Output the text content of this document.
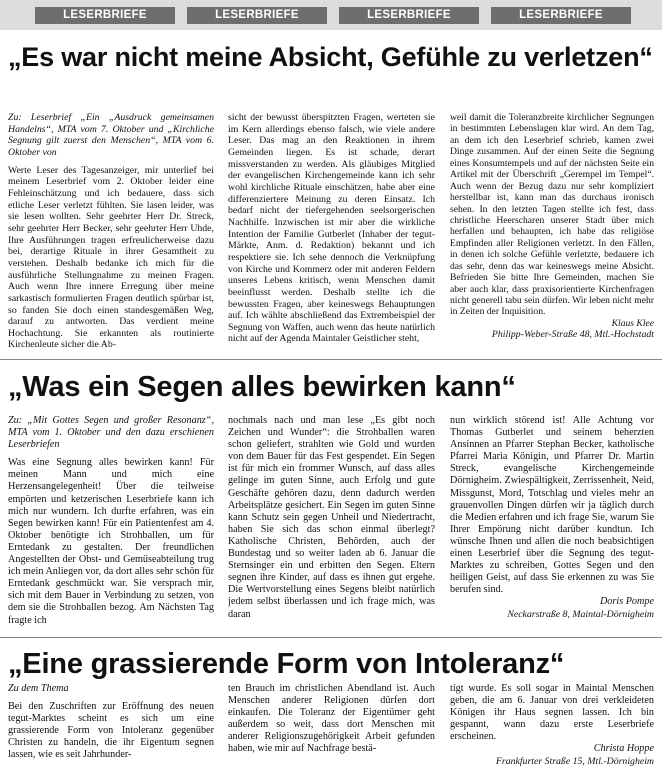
LESERBRIEFE	LESERBRIEFE	LESERBRIEFE	LESERBRIEFE
„Es war nicht meine Absicht, Gefühle zu verletzen“

Zu: Leserbrief „Ein „Ausdruck gemeinsamen Handelns“, MTA vom 7. Oktober und „Kirchliche Segnung gilt zuerst den Menschen“, MTA vom 6. Oktober von

Werte Leser des Tagesanzeiger, mir unterlief bei meinem Leserbrief vom 2. Oktober leider eine Fehleinschätzung und ich bedauere, dass sich etliche Leser verletzt fühlten. Sie lasen leider, was sie lesen wollten. Sehr geehrter Herr Dr. Streck, sehr geehrter Herr Becker, sehr geehrter Herr Uhde, Ihre Ausführungen tragen erfreulicherweise dazu bei, derartige Rituale in ihrer Gesamtheit zu verstehen. Deshalb bedanke ich mich für die ausführliche Stellungnahme zu meinen Fragen. Auch wenn Ihre innere Erregung über meine sarkastisch formulierten Fragen deutlich spürbar ist, so fanden Sie doch einen standesgemäßen Weg, darauf zu antworten. Das verdient meine Hochachtung. Sie erkannten als routinierte Kirchenleute sicher die Ab-

sicht der bewusst überspitzten Fragen, werteten sie im Kern allerdings ebenso falsch, wie viele andere Leser. Das mag an den Reaktionen in ihrem Gemeinden liegen. Es ist schade, derart missverstanden zu werden. Als gläubiges Mitglied der evangelischen Kirchengemeinde kann ich sehr wohl kirchliche Rituale einschätzen, habe aber eine differenziertere Meinung zu deren Einsatz. Ich bedarf nicht der tiefergehenden seelsorgerischen Nachhilfe. Inzwischen ist mir aber die wirkliche Intention der Familie Gutberlet (Inhaber der tegut-Märkte, Anm. d. Redaktion) bekannt und ich respektiere sie. Ich sehe dennoch die Verknüpfung von Kirche und Kommerz oder mit anderen Feldern unseres Lebens kritisch, wenn Menschen damit beeinflusst werden. Deshalb stellte ich die bewussten Fragen, aber keineswegs Behauptungen auf. Ich wählte abschließend das Extrembeispiel der Segnung von Waffen, auch wenn das heute natürlich nicht auf der Agenda Maintaler Geistlicher steht,

weil damit die Toleranzbreite kirchlicher Segnungen in bestimmten Lebenslagen klar wird. An dem Tag, an dem ich den Leserbrief schrieb, kamen zwei Dinge zusammen. Auf der einen Seite die Segnung eines Konsumtempels und auf der nächsten Seite ein Artikel mit der Überschrift „Gerempel im Tempel“. Auch wenn der Bezug dazu nur sehr kompliziert herstellbar ist, kann man das durchaus ironisch sehen. In den letzten Tagen stellte ich fest, dass christliche Heerscharen unserer Stadt über mich herfallen und behaupten, ich habe das religiöse Empfinden aller Religionen verletzt. In den Fällen, in denen ich solche Gefühle verletzte, bedauere ich das sehr, denn das war keineswegs meine Absicht. Befrieden Sie bitte Ihre Gemeinden, machen Sie aber auch klar, dass praxisorientierte Kirchenfragen nicht generell tabu sein dürfen. Wir leben nicht mehr in Zeiten der Inquisition.

Klaus Klee

Philipp-Weber-Straße 48, Mtl.-Hochstadt

„Was ein Segen alles bewirken kann“

Zu: „Mit Gottes Segen und großer Resonanz“, MTA vom 1. Oktober und den dazu erschienen Leserbriefen

Was eine Segnung alles bewirken kann! Für meinen Mann und mich eine Herzensangelegenheit! Über die teilweise empörten und ketzerischen Leserbriefe kann ich mich nur wundern. Ich durfte erfahren, was ein Segen bewirken kann! Für ein Patientenfest am 4. Oktober benötigte ich Strohballen, um für Erntedank zu gestalten. Der freundlichen Angestellten der Obst- und Gemüseabteilung trug ich mein Anliegen vor, da dort alles sehr schön für Erntedank geschmückt war. Sie versprach mir, sich mit dem Bauer in Verbindung zu setzen, von dem sie die Strohballen bezog. Am Nächsten Tag fragte ich

nochmals nach und man lese „Es gibt noch Zeichen und Wunder“: die Strohballen waren schon geliefert, strahlten wie Gold und wurden von dem Bauer für das Fest gespendet. Ein Segen ist für mich ein frommer Wunsch, auf dass alles gelinge im guten Sinne, auch Erfolg und gute Geschäfte gehören dazu, denn dadurch werden Arbeitsplätze gesichert. Ein Segen im guten Sinne kann Schutz sein gegen Unheil und Niedertracht, haben Sie sich das schon einmal überlegt? Katholische Christen, Behörden, auch der Bundestag und so weiter laden ab 6. Januar die Sternsinger ein und erbitten den Segen. Eltern segnen ihre Kinder, auf dass es ihnen gut ergehe. Die Wertvorstellung eines Segens bleibt natürlich jedem selbst überlassen und ich frage mich, was daran

nun wirklich störend ist! Alle Achtung vor Thomas Gutberlet und seinem beherzten Ansinnen an Pfarrer Stephan Becker, katholische Pfarrei Maria Königin, und Pfarrer Dr. Martin Streck, evangelische Kirchengemeinde Dörnigheim. Zwiespältigkeit, Zerrissenheit, Neid, Missgunst, Mord, Totschlag und vieles mehr an grauenvollen Dingen dürfen wir ja täglich durch die Medien erfahren und ich frage Sie, warum Sie Ihrer Empörung nicht darüber kundtun. Ich wünsche Ihnen und allen die noch beabsichtigen einen Leserbrief über die Segnung des tegut-Marktes zu schreiben, Gottes Segen und den heiligen Geist, auf dass Sie erkennen zu was Sie berufen sind.

Doris Pompe

Neckarstraße 8, Maintal-Dörnigheim

„Eine grassierende Form von Intoleranz“

Zu dem Thema

Bei den Zuschriften zur Eröffnung des neuen tegut-Marktes scheint es sich um eine grassierende Form von Intoleranz gegenüber Christen zu handeln, die ihr Eigentum segnen lassen, wie es seit Jahrhunder-

ten Brauch im christlichen Abendland ist. Auch Menschen anderer Religionen dürfen dort einkaufen. Die Toleranz der Eigentümer geht außerdem so weit, dass dort Menschen mit anderer Religionszugehörigkeit Arbeit gefunden haben, wie mir auf Nachfrage bestä-

tigt wurde. Es soll sogar in Maintal Menschen geben, die am 6. Januar von drei verkleideten Königen ihr Haus segnen lassen. Ich bin gespannt, wann dazu erste Leserbriefe erscheinen.

Christa Hoppe

Frankfurter Straße 15, Mtl.-Dörnigheim
